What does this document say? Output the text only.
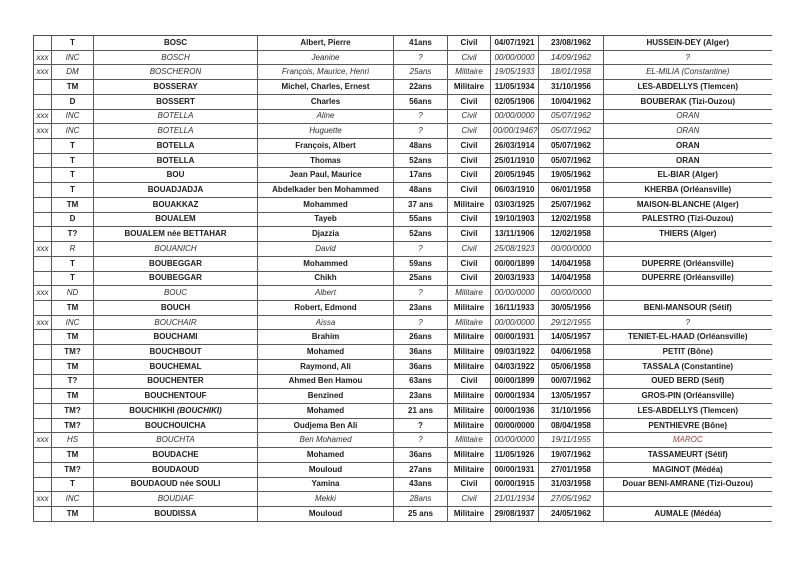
	T	BOSC	Albert, Pierre	41ans	Civil	04/07/1921	23/08/1962	HUSSEIN-DEY (Alger)
xxx	INC	BOSCH	Jeanine	?	Civil	00/00/0000	14/09/1962	?
xxx	DM	BOSCHERON	François, Maurice, Henri	25ans	Militaire	19/05/1933	18/01/1958	EL-MILIA (Constantine)
	TM	BOSSERAY	Michel, Charles, Ernest	22ans	Militaire	11/05/1934	31/10/1956	LES-ABDELLYS (Tlemcen)
	D	BOSSERT	Charles	56ans	Civil	02/05/1906	10/04/1962	BOUBERAK (Tizi-Ouzou)
xxx	INC	BOTELLA	Aline	?	Civil	00/00/0000	05/07/1962	ORAN
xxx	INC	BOTELLA	Huguette	?	Civil	00/00/1946?	05/07/1962	ORAN
	T	BOTELLA	François, Albert	48ans	Civil	26/03/1914	05/07/1962	ORAN
	T	BOTELLA	Thomas	52ans	Civil	25/01/1910	05/07/1962	ORAN
	T	BOU	Jean Paul, Maurice	17ans	Civil	20/05/1945	19/05/1962	EL-BIAR (Alger)
	T	BOUADJADJA	Abdelkader ben Mohammed	48ans	Civil	06/03/1910	06/01/1958	KHERBA (Orléansville)
	TM	BOUAKKAZ	Mohammed	37 ans	Militaire	03/03/1925	25/07/1962	MAISON-BLANCHE (Alger)
	D	BOUALEM	Tayeb	55ans	Civil	19/10/1903	12/02/1958	PALESTRO (Tizi-Ouzou)
	T?	BOUALEM née BETTAHAR	Djazzia	52ans	Civil	13/11/1906	12/02/1958	THIERS (Alger)
xxx	R	BOUANICH	David	?	Civil	25/08/1923	00/00/0000	
	T	BOUBEGGAR	Mohammed	59ans	Civil	00/00/1899	14/04/1958	DUPERRE (Orléansville)
	T	BOUBEGGAR	Chikh	25ans	Civil	20/03/1933	14/04/1958	DUPERRE (Orléansville)
xxx	ND	BOUC	Albert	?	Militaire	00/00/0000	00/00/0000	
	TM	BOUCH	Robert, Edmond	23ans	Militaire	16/11/1933	30/05/1956	BENI-MANSOUR (Sétif)
xxx	INC	BOUCHAIR	Aissa	?	Militaire	00/00/0000	29/12/1955	?
	TM	BOUCHAMI	Brahim	26ans	Militaire	00/00/1931	14/05/1957	TENIET-EL-HAAD (Orléansville)
	TM?	BOUCHBOUT	Mohamed	36ans	Militaire	09/03/1922	04/06/1958	PETIT (Bône)
	TM	BOUCHEMAL	Raymond, Ali	36ans	Militaire	04/03/1922	05/06/1958	TASSALA (Constantine)
	T?	BOUCHENTER	Ahmed Ben Hamou	63ans	Civil	00/00/1899	00/07/1962	OUED BERD (Sétif)
	TM	BOUCHENTOUF	Benzined	23ans	Militaire	00/00/1934	13/05/1957	GROS-PIN (Orléansville)
	TM?	BOUCHIKHI (BOUCHIKI)	Mohamed	21 ans	Militaire	00/00/1936	31/10/1956	LES-ABDELLYS (Tlemcen)
	TM?	BOUCHOUICHA	Oudjema Ben Ali	?	Militaire	00/00/0000	08/04/1958	PENTHIEVRE (Bône)
xxx	HS	BOUCHTA	Ben Mohamed	?	Militaire	00/00/0000	19/11/1955	MAROC
	TM	BOUDACHE	Mohamed	36ans	Militaire	11/05/1926	19/07/1962	TASSAMEURT (Sétif)
	TM?	BOUDAOUD	Mouloud	27ans	Militaire	00/00/1931	27/01/1958	MAGINOT (Médéa)
	T	BOUDAOUD née SOULI	Yamina	43ans	Civil	00/00/1915	31/03/1958	Douar BENI-AMRANE (Tizi-Ouzou)
xxx	INC	BOUDIAF	Mekki	28ans	Civil	21/01/1934	27/05/1962	
	TM	BOUDISSA	Mouloud	25 ans	Militaire	29/08/1937	24/05/1962	AUMALE (Médéa)
